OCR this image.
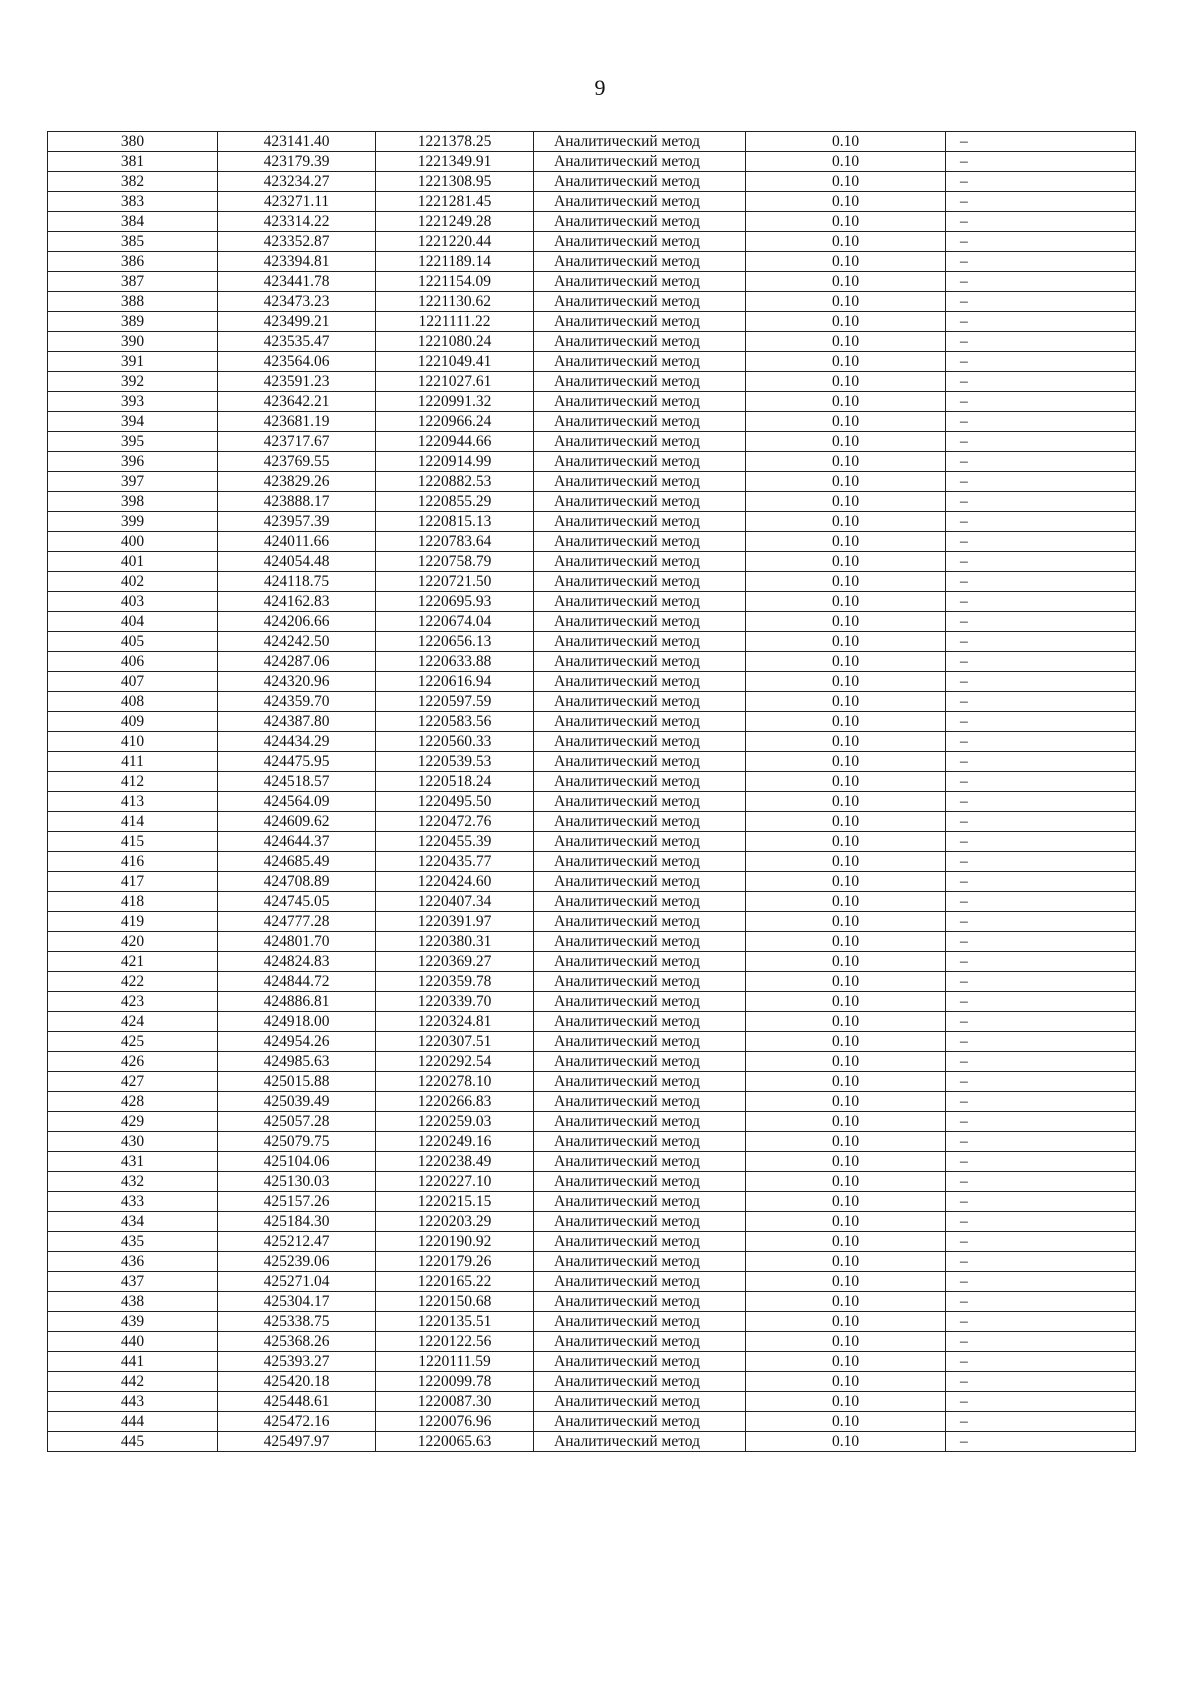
9
380	423141.40	1221378.25	Аналитический метод	0.10	–
381	423179.39	1221349.91	Аналитический метод	0.10	–
382	423234.27	1221308.95	Аналитический метод	0.10	–
383	423271.11	1221281.45	Аналитический метод	0.10	–
384	423314.22	1221249.28	Аналитический метод	0.10	–
385	423352.87	1221220.44	Аналитический метод	0.10	–
386	423394.81	1221189.14	Аналитический метод	0.10	–
387	423441.78	1221154.09	Аналитический метод	0.10	–
388	423473.23	1221130.62	Аналитический метод	0.10	–
389	423499.21	1221111.22	Аналитический метод	0.10	–
390	423535.47	1221080.24	Аналитический метод	0.10	–
391	423564.06	1221049.41	Аналитический метод	0.10	–
392	423591.23	1221027.61	Аналитический метод	0.10	–
393	423642.21	1220991.32	Аналитический метод	0.10	–
394	423681.19	1220966.24	Аналитический метод	0.10	–
395	423717.67	1220944.66	Аналитический метод	0.10	–
396	423769.55	1220914.99	Аналитический метод	0.10	–
397	423829.26	1220882.53	Аналитический метод	0.10	–
398	423888.17	1220855.29	Аналитический метод	0.10	–
399	423957.39	1220815.13	Аналитический метод	0.10	–
400	424011.66	1220783.64	Аналитический метод	0.10	–
401	424054.48	1220758.79	Аналитический метод	0.10	–
402	424118.75	1220721.50	Аналитический метод	0.10	–
403	424162.83	1220695.93	Аналитический метод	0.10	–
404	424206.66	1220674.04	Аналитический метод	0.10	–
405	424242.50	1220656.13	Аналитический метод	0.10	–
406	424287.06	1220633.88	Аналитический метод	0.10	–
407	424320.96	1220616.94	Аналитический метод	0.10	–
408	424359.70	1220597.59	Аналитический метод	0.10	–
409	424387.80	1220583.56	Аналитический метод	0.10	–
410	424434.29	1220560.33	Аналитический метод	0.10	–
411	424475.95	1220539.53	Аналитический метод	0.10	–
412	424518.57	1220518.24	Аналитический метод	0.10	–
413	424564.09	1220495.50	Аналитический метод	0.10	–
414	424609.62	1220472.76	Аналитический метод	0.10	–
415	424644.37	1220455.39	Аналитический метод	0.10	–
416	424685.49	1220435.77	Аналитический метод	0.10	–
417	424708.89	1220424.60	Аналитический метод	0.10	–
418	424745.05	1220407.34	Аналитический метод	0.10	–
419	424777.28	1220391.97	Аналитический метод	0.10	–
420	424801.70	1220380.31	Аналитический метод	0.10	–
421	424824.83	1220369.27	Аналитический метод	0.10	–
422	424844.72	1220359.78	Аналитический метод	0.10	–
423	424886.81	1220339.70	Аналитический метод	0.10	–
424	424918.00	1220324.81	Аналитический метод	0.10	–
425	424954.26	1220307.51	Аналитический метод	0.10	–
426	424985.63	1220292.54	Аналитический метод	0.10	–
427	425015.88	1220278.10	Аналитический метод	0.10	–
428	425039.49	1220266.83	Аналитический метод	0.10	–
429	425057.28	1220259.03	Аналитический метод	0.10	–
430	425079.75	1220249.16	Аналитический метод	0.10	–
431	425104.06	1220238.49	Аналитический метод	0.10	–
432	425130.03	1220227.10	Аналитический метод	0.10	–
433	425157.26	1220215.15	Аналитический метод	0.10	–
434	425184.30	1220203.29	Аналитический метод	0.10	–
435	425212.47	1220190.92	Аналитический метод	0.10	–
436	425239.06	1220179.26	Аналитический метод	0.10	–
437	425271.04	1220165.22	Аналитический метод	0.10	–
438	425304.17	1220150.68	Аналитический метод	0.10	–
439	425338.75	1220135.51	Аналитический метод	0.10	–
440	425368.26	1220122.56	Аналитический метод	0.10	–
441	425393.27	1220111.59	Аналитический метод	0.10	–
442	425420.18	1220099.78	Аналитический метод	0.10	–
443	425448.61	1220087.30	Аналитический метод	0.10	–
444	425472.16	1220076.96	Аналитический метод	0.10	–
445	425497.97	1220065.63	Аналитический метод	0.10	–
